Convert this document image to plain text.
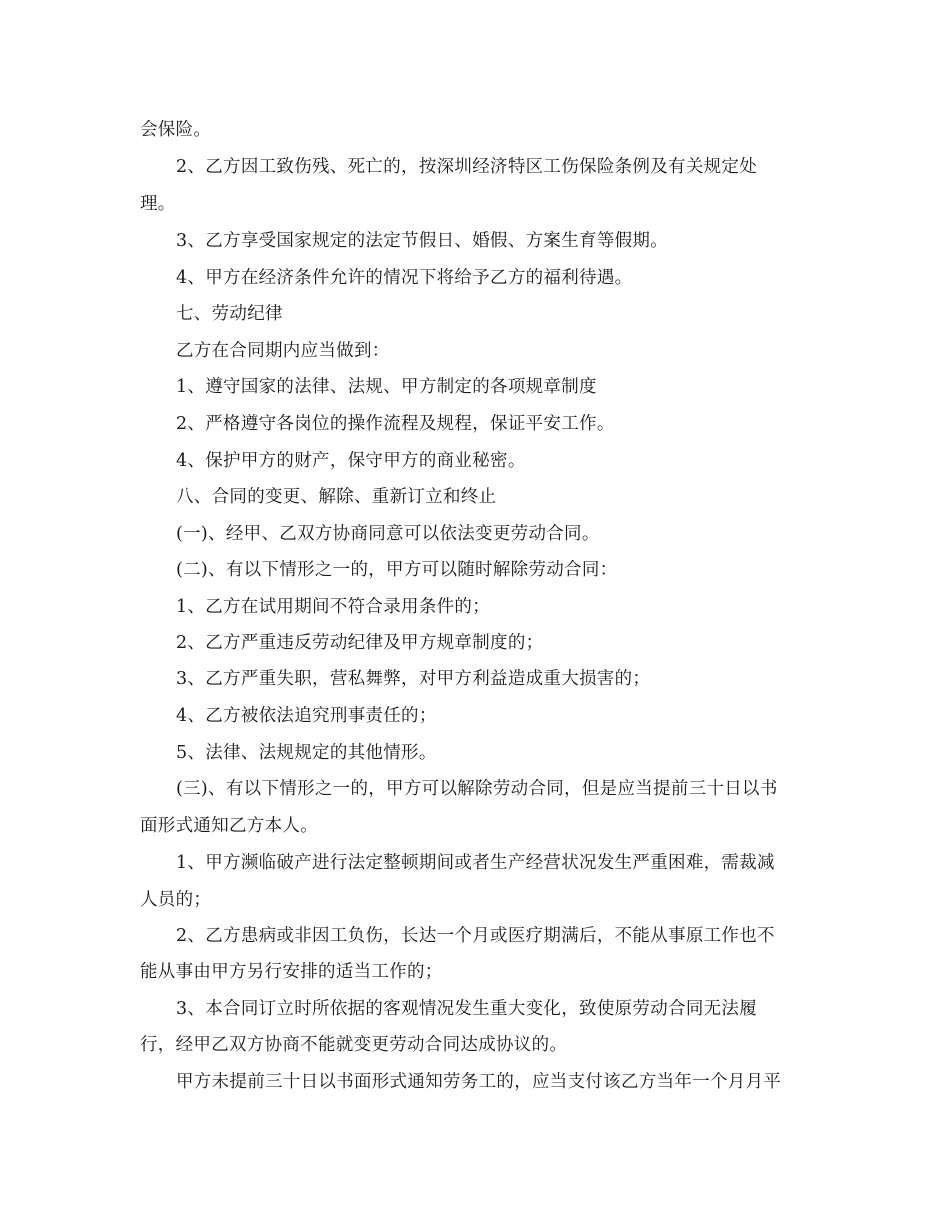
会保险。

2、乙方因工致伤残、死亡的，按深圳经济特区工伤保险条例及有关规定处

理。

3、乙方享受国家规定的法定节假日、婚假、方案生育等假期。

4、甲方在经济条件允许的情况下将给予乙方的福利待遇。

七、劳动纪律

乙方在合同期内应当做到：

1、遵守国家的法律、法规、甲方制定的各项规章制度

2、严格遵守各岗位的操作流程及规程，保证平安工作。

4、保护甲方的财产，保守甲方的商业秘密。

八、合同的变更、解除、重新订立和终止

(一)、经甲、乙双方协商同意可以依法变更劳动合同。

(二)、有以下情形之一的，甲方可以随时解除劳动合同：

1、乙方在试用期间不符合录用条件的；

2、乙方严重违反劳动纪律及甲方规章制度的；

3、乙方严重失职，营私舞弊，对甲方利益造成重大损害的；

4、乙方被依法追究刑事责任的；

5、法律、法规规定的其他情形。

(三)、有以下情形之一的，甲方可以解除劳动合同，但是应当提前三十日以书

面形式通知乙方本人。

1、甲方濒临破产进行法定整顿期间或者生产经营状况发生严重困难，需裁减

人员的；

2、乙方患病或非因工负伤，长达一个月或医疗期满后，不能从事原工作也不

能从事由甲方另行安排的适当工作的；

3、本合同订立时所依据的客观情况发生重大变化，致使原劳动合同无法履

行，经甲乙双方协商不能就变更劳动合同达成协议的。

甲方未提前三十日以书面形式通知劳务工的，应当支付该乙方当年一个月月平
